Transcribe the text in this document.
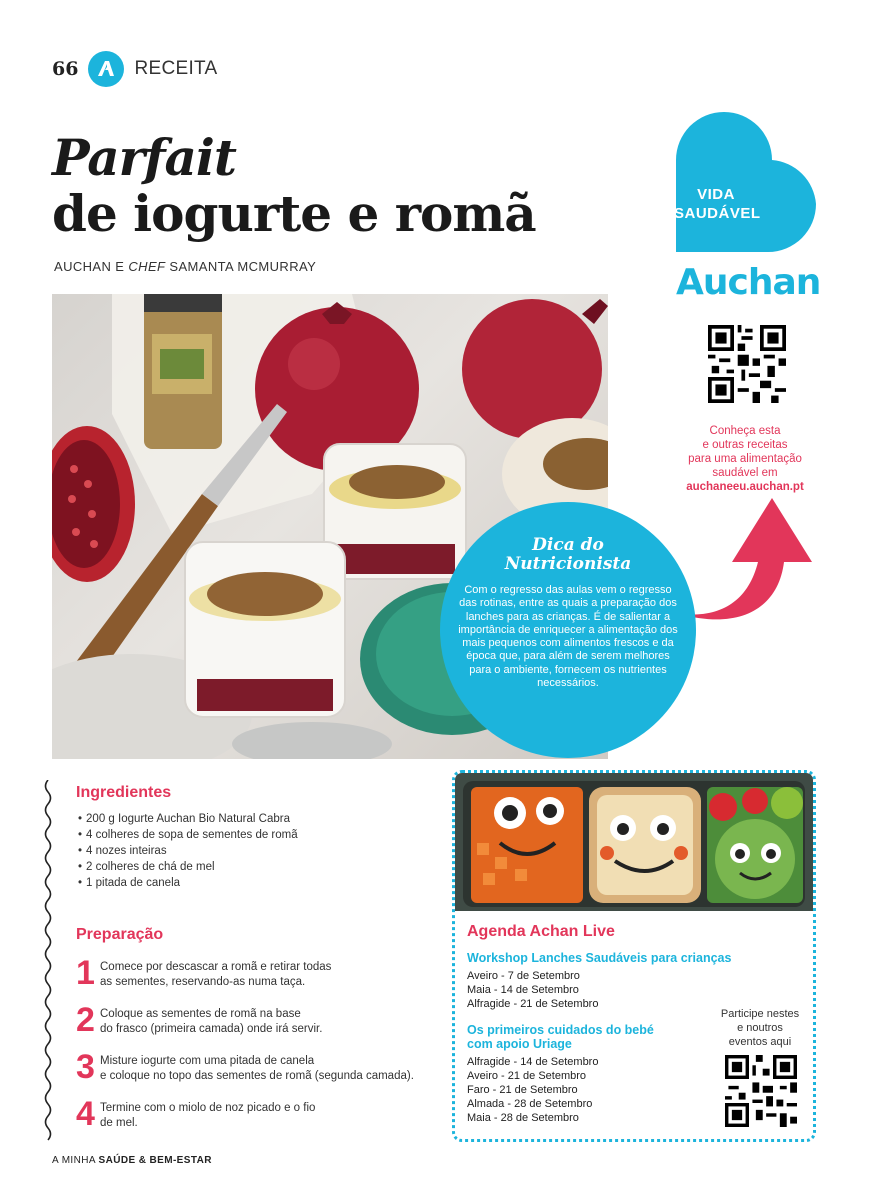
66	RECEITA
Parfait
de iogurte e romã
AUCHAN E CHEF SAMANTA MCMURRAY
VIDA
SAUDÁVEL
Auchan
Conheça esta
e outras receitas
para uma alimentação
saudável em
auchaneeu.auchan.pt
Dica do
Nutricionista

Com o regresso das aulas vem o regresso das rotinas, entre as quais a preparação dos lanches para as crianças. É de salientar a importância de enriquecer a alimentação dos mais pequenos com alimentos frescos e da época que, para além de serem melhores para o ambiente, fornecem os nutrientes necessários.

Ingredientes
• 200 g Iogurte Auchan Bio Natural Cabra
• 4 colheres de sopa de sementes de romã
• 4 nozes inteiras
• 2 colheres de chá de mel
• 1 pitada de canela
Preparação
1 Comece por descascar a romã e retirar todas
as sementes, reservando-as numa taça.
2 Coloque as sementes de romã na base
do frasco (primeira camada) onde irá servir.
3 Misture iogurte com uma pitada de canela
e coloque no topo das sementes de romã (segunda camada).
4 Termine com o miolo de noz picado e o fio
de mel.
Agenda Achan Live
Workshop Lanches Saudáveis para crianças
Aveiro - 7 de Setembro
Maia - 14 de Setembro
Alfragide - 21 de Setembro
Os primeiros cuidados do bebé
com apoio Uriage
Alfragide - 14 de Setembro
Aveiro - 21 de Setembro
Faro - 21 de Setembro
Almada - 28 de Setembro
Maia - 28 de Setembro
Participe nestes
e noutros
eventos aqui
A MINHA SAÚDE & BEM-ESTAR
